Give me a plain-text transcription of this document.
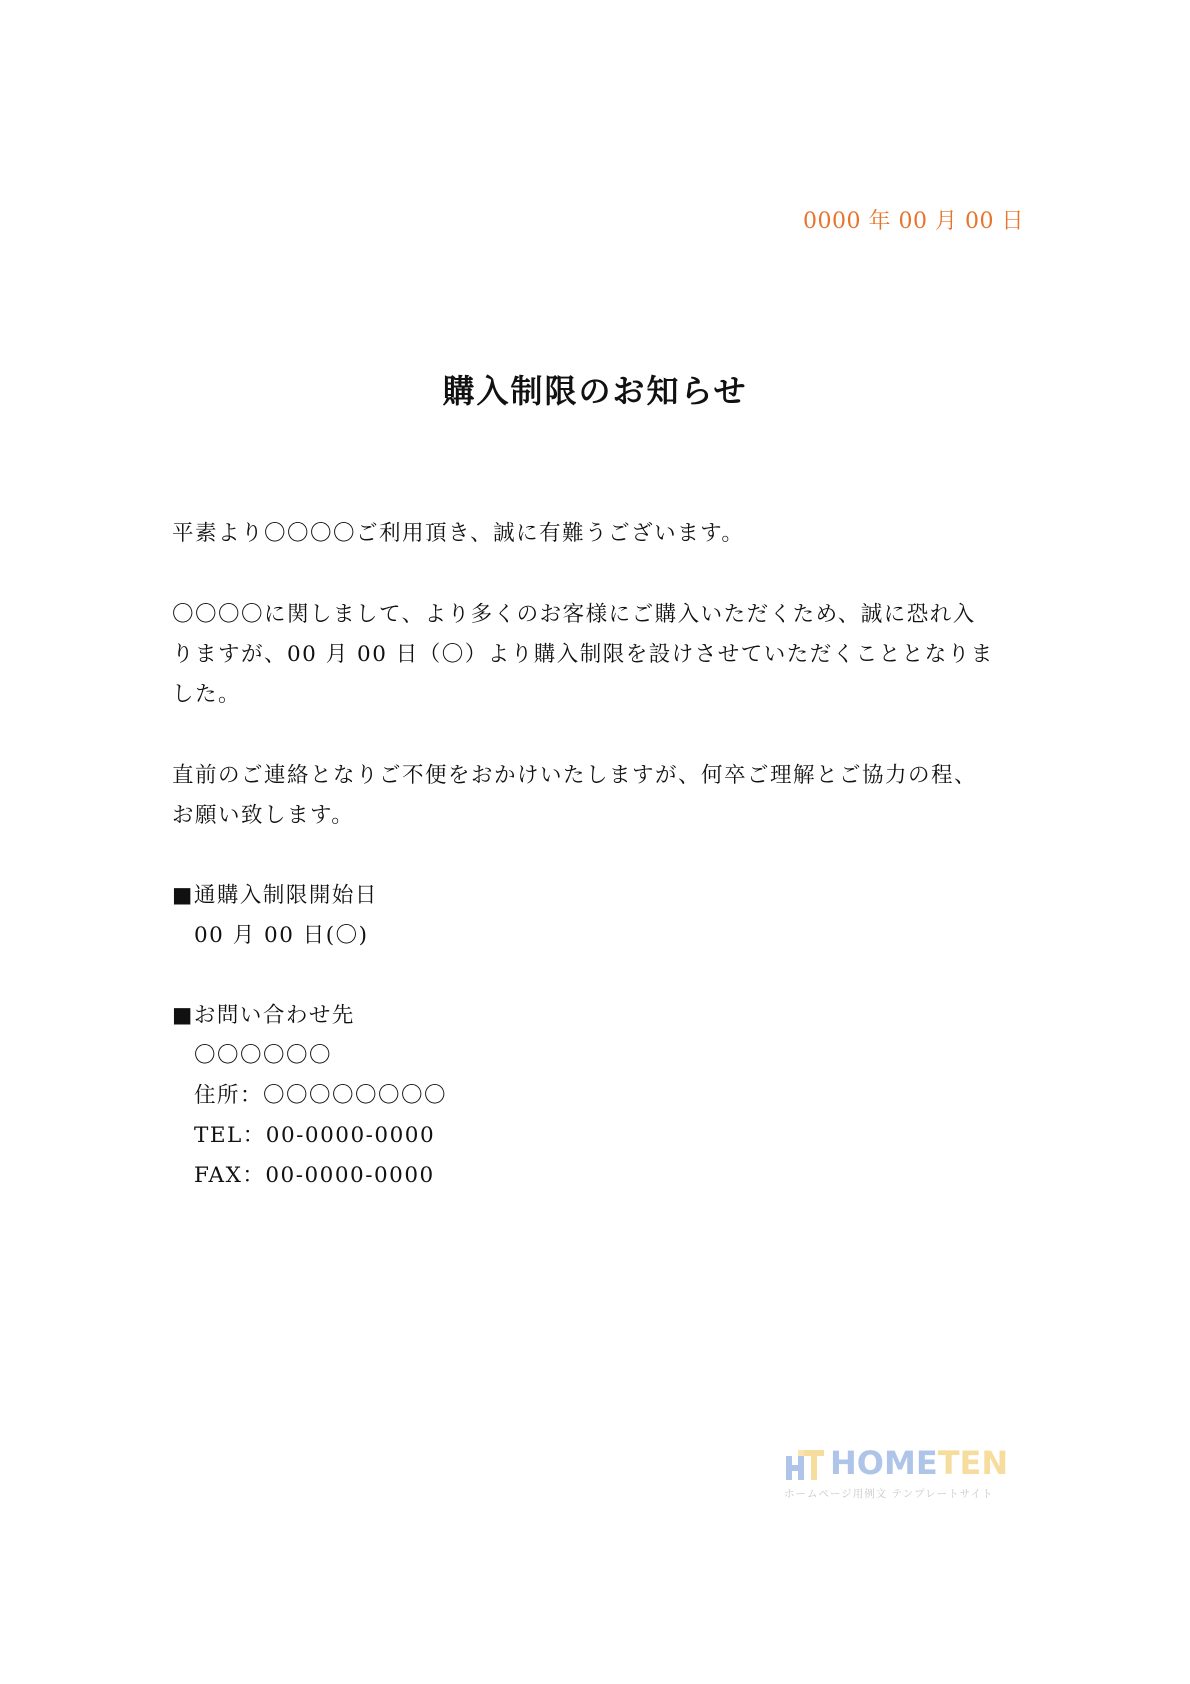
0000 年 00 月 00 日
購入制限のお知らせ
平素より〇〇〇〇ご利用頂き、誠に有難うございます。
〇〇〇〇に関しまして、より多くのお客様にご購入いただくため、誠に恐れ入
りますが、00 月 00 日（〇）より購入制限を設けさせていただくこととなりま
した。
直前のご連絡となりご不便をおかけいたしますが、何卒ご理解とご協力の程、
お願い致します。
■通購入制限開始日
00 月 00 日(〇)
■お問い合わせ先
〇〇〇〇〇〇
住所：〇〇〇〇〇〇〇〇
TEL：00-0000-0000
FAX：00-0000-0000
HOMETEN
ホームページ用例文 テンプレートサイト
